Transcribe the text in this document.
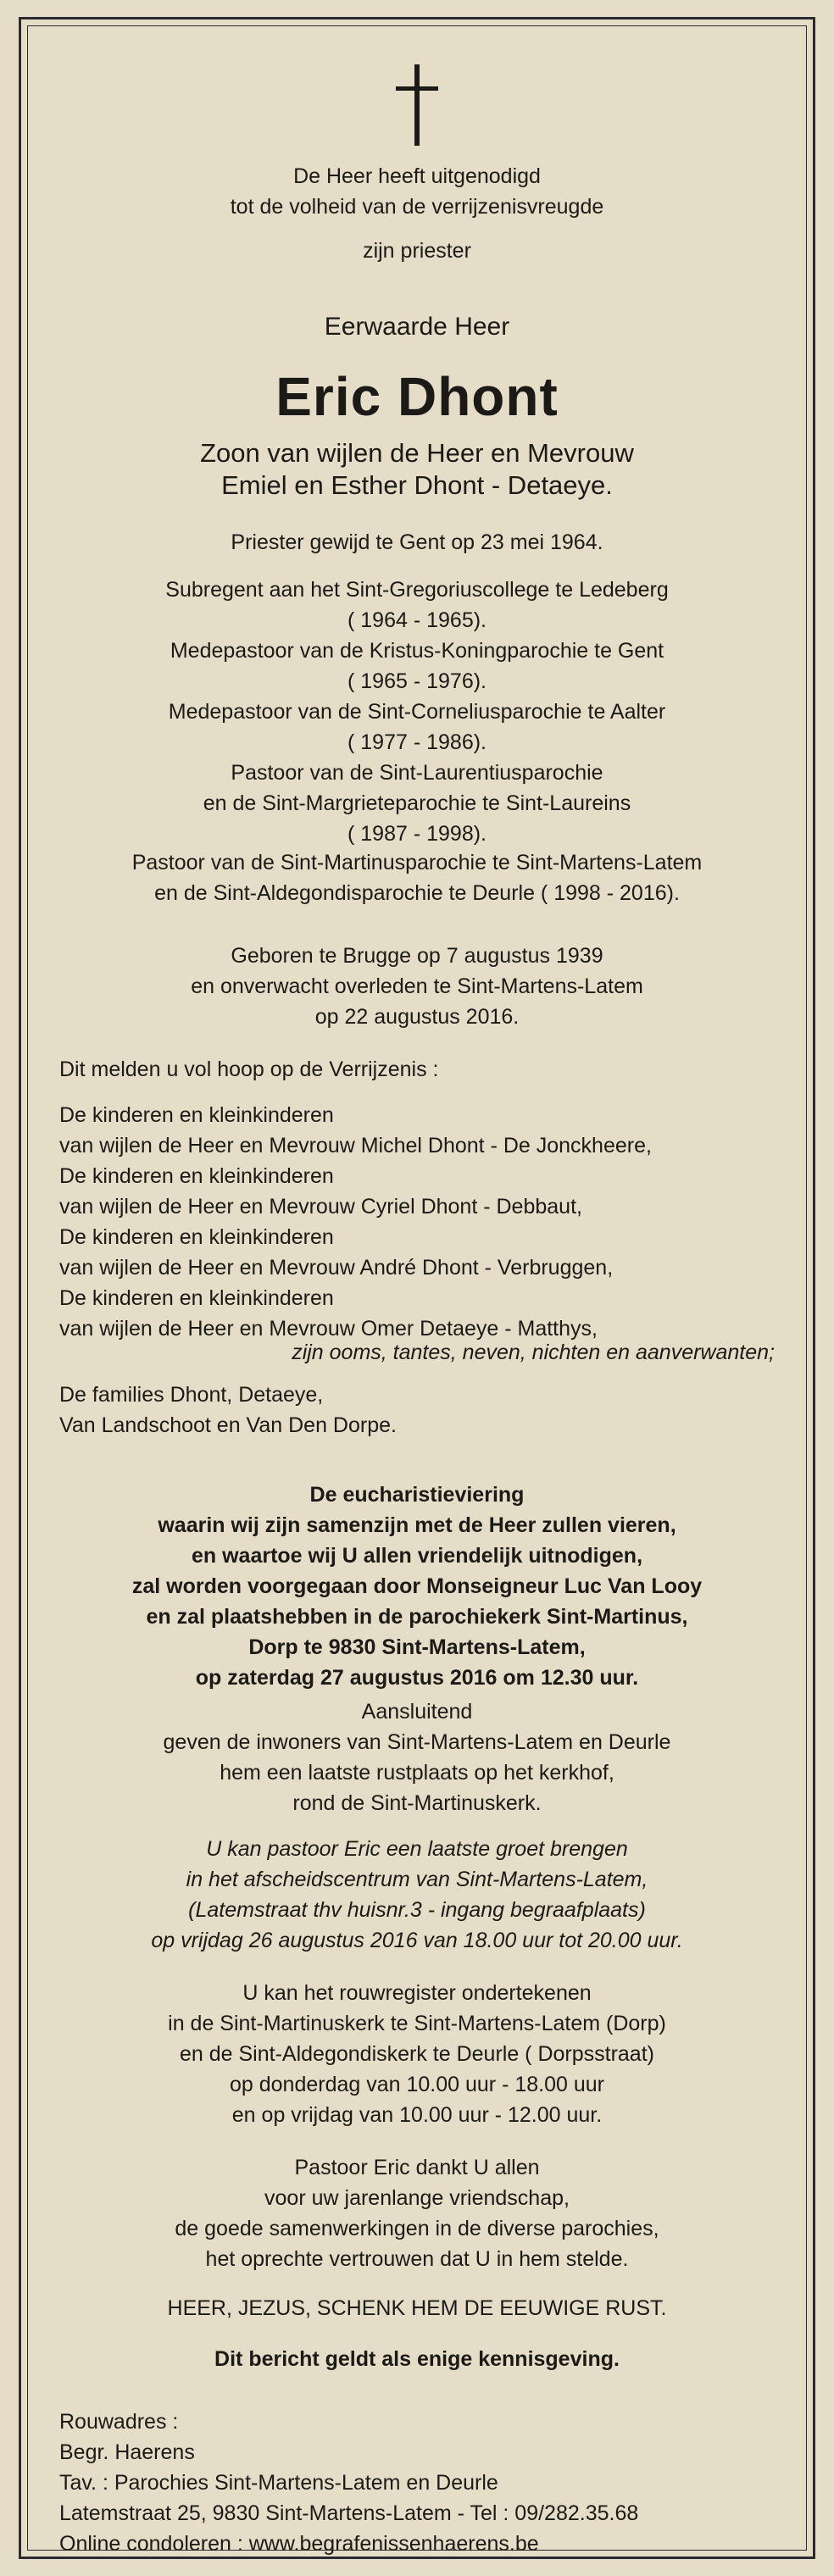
De Heer heeft uitgenodigd
tot de volheid van de verrijzenisvreugde
zijn priester
Eerwaarde Heer
Eric Dhont
Zoon van wijlen de Heer en Mevrouw
Emiel en Esther Dhont - Detaeye.
Priester gewijd te Gent op 23 mei 1964.
Subregent aan het Sint-Gregoriuscollege te Ledeberg
( 1964 - 1965).
Medepastoor van de Kristus-Koningparochie te Gent
( 1965 - 1976).
Medepastoor van de Sint-Corneliusparochie te Aalter
( 1977 - 1986).
Pastoor van de Sint-Laurentiusparochie
en de Sint-Margrieteparochie te Sint-Laureins
( 1987 - 1998).
Pastoor van de Sint-Martinusparochie te Sint-Martens-Latem
en de Sint-Aldegondisparochie te Deurle ( 1998 - 2016).
Geboren te Brugge op 7 augustus 1939
en onverwacht overleden te Sint-Martens-Latem
op 22 augustus 2016.
Dit melden u vol hoop op de Verrijzenis :
De kinderen en kleinkinderen
van wijlen de Heer en Mevrouw Michel Dhont - De Jonckheere,
De kinderen en kleinkinderen
van wijlen de Heer en Mevrouw Cyriel Dhont - Debbaut,
De kinderen en kleinkinderen
van wijlen de Heer en Mevrouw André Dhont - Verbruggen,
De kinderen en kleinkinderen
van wijlen de Heer en Mevrouw Omer Detaeye - Matthys,
zijn ooms, tantes, neven, nichten en aanverwanten;
De families Dhont, Detaeye,
Van Landschoot en Van Den Dorpe.
De eucharistieviering
waarin wij zijn samenzijn met de Heer zullen vieren,
en waartoe wij U allen vriendelijk uitnodigen,
zal worden voorgegaan door Monseigneur Luc Van Looy
en zal plaatshebben in de parochiekerk Sint-Martinus,
Dorp te 9830 Sint-Martens-Latem,
op zaterdag 27 augustus 2016 om 12.30 uur.
Aansluitend
geven de inwoners van Sint-Martens-Latem en Deurle
hem een laatste rustplaats op het kerkhof,
rond de Sint-Martinuskerk.
U kan pastoor Eric een laatste groet brengen
in het afscheidscentrum van Sint-Martens-Latem,
(Latemstraat thv huisnr.3 - ingang begraafplaats)
op vrijdag 26 augustus 2016 van 18.00 uur tot 20.00 uur.
U kan het rouwregister ondertekenen
in de Sint-Martinuskerk te Sint-Martens-Latem (Dorp)
en de Sint-Aldegondiskerk te Deurle ( Dorpsstraat)
op donderdag van 10.00 uur - 18.00 uur
en op vrijdag van 10.00 uur - 12.00 uur.
Pastoor Eric dankt U allen
voor uw jarenlange vriendschap,
de goede samenwerkingen in de diverse parochies,
het oprechte vertrouwen dat U in hem stelde.
HEER, JEZUS, SCHENK HEM DE EEUWIGE RUST.
Dit bericht geldt als enige kennisgeving.
Rouwadres :
Begr. Haerens
Tav. : Parochies Sint-Martens-Latem en Deurle
Latemstraat 25, 9830 Sint-Martens-Latem - Tel : 09/282.35.68
Online condoleren : www.begrafenissenhaerens.be
